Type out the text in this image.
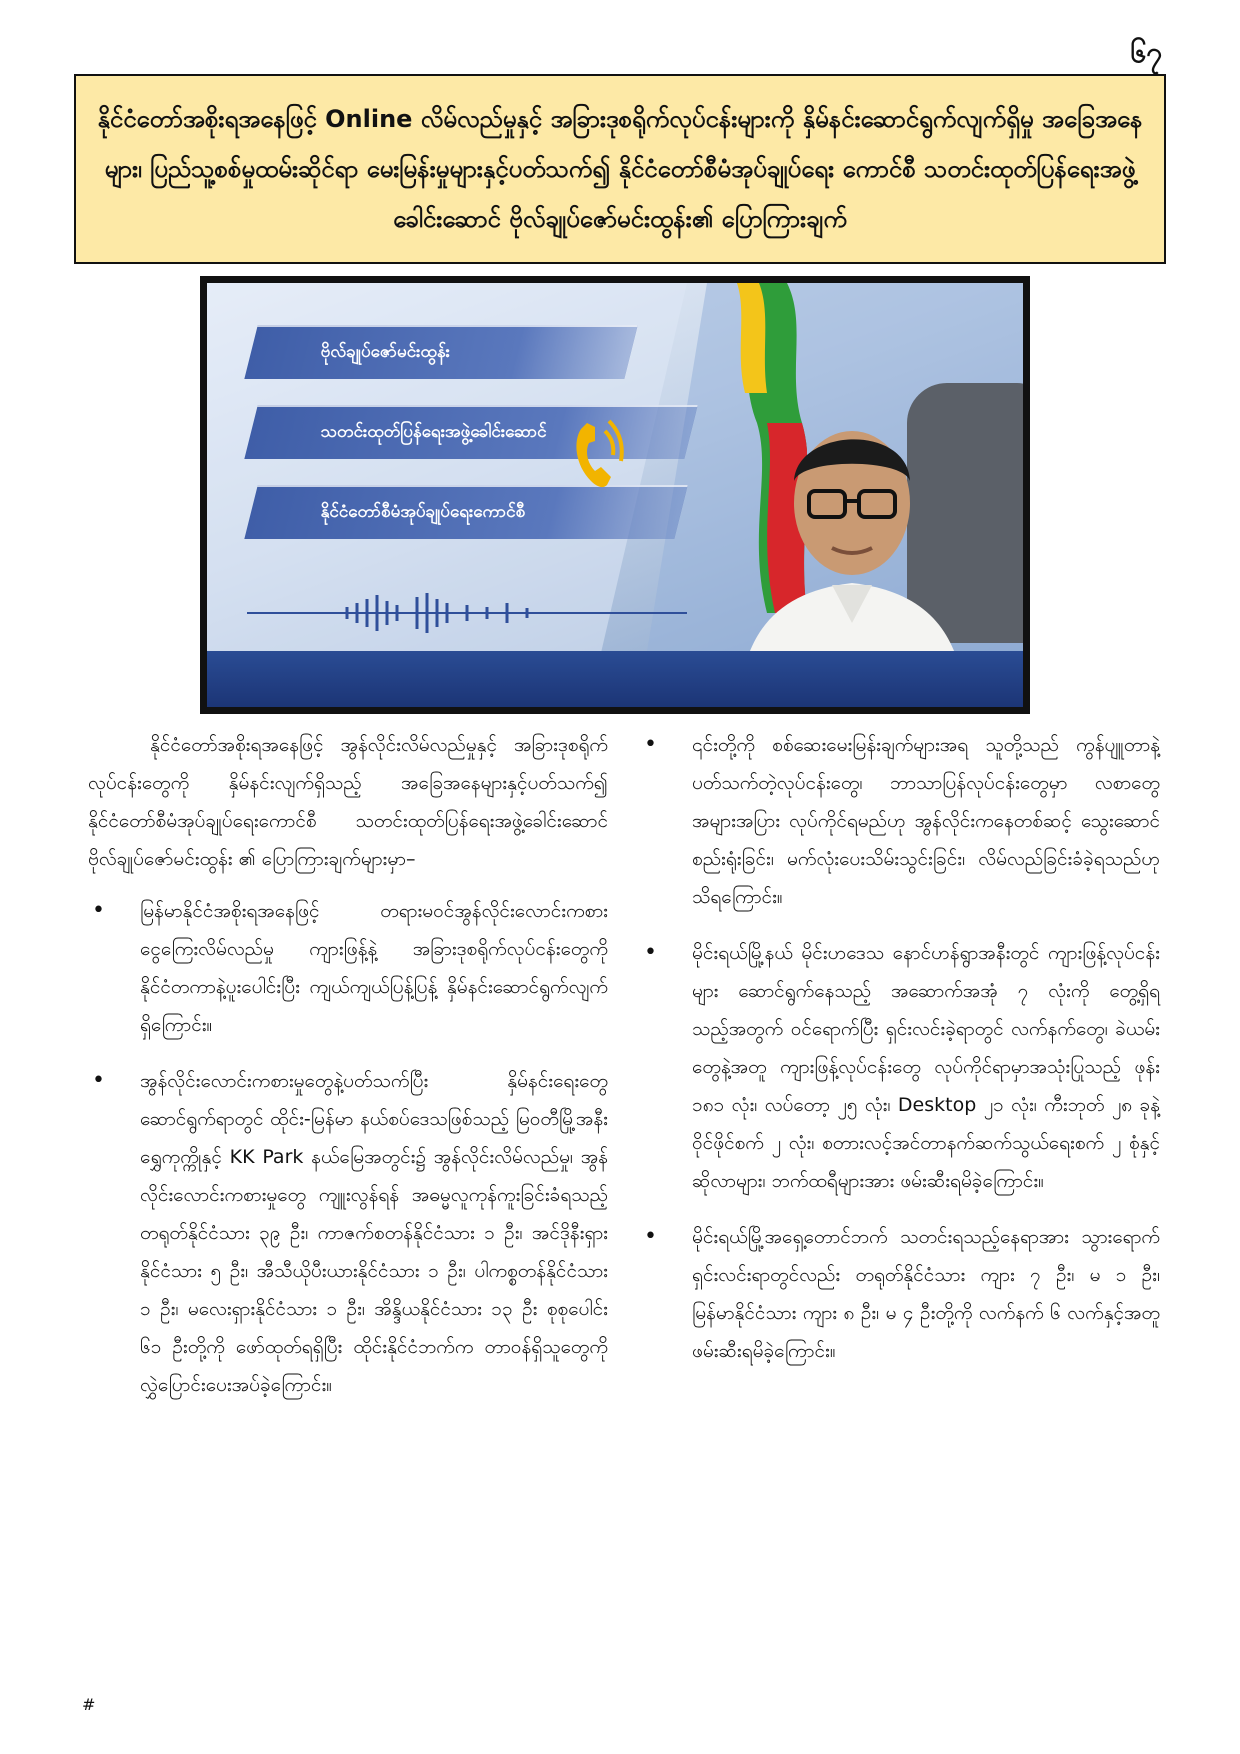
၆၇
နိုင်ငံတော်အစိုးရအနေဖြင့် Online လိမ်လည်မှုနှင့် အခြားဒုစရိုက်လုပ်ငန်းများကို နှိမ်နင်းဆောင်ရွက်လျက်ရှိမှု အခြေအနေများ၊ ပြည်သူ့စစ်မှုထမ်းဆိုင်ရာ မေးမြန်းမှုများနှင့်ပတ်သက်၍ နိုင်ငံတော်စီမံအုပ်ချုပ်ရေး ကောင်စီ သတင်းထုတ်ပြန်ရေးအဖွဲ့ခေါင်းဆောင် ဗိုလ်ချုပ်ဇော်မင်းထွန်း၏ ပြောကြားချက်
ဗိုလ်ချုပ်ဇော်မင်းထွန်း
သတင်းထုတ်ပြန်ရေးအဖွဲ့ခေါင်းဆောင်
နိုင်ငံတော်စီမံအုပ်ချုပ်ရေးကောင်စီ

နိုင်ငံတော်အစိုးရအနေဖြင့် အွန်လိုင်းလိမ်လည်မှုနှင့် အခြားဒုစရိုက်လုပ်ငန်းတွေကို နှိမ်နင်းလျက်ရှိသည့် အခြေအနေများနှင့်ပတ်သက်၍ နိုင်ငံတော်စီမံအုပ်ချုပ်ရေးကောင်စီ သတင်းထုတ်ပြန်ရေးအဖွဲ့ခေါင်းဆောင် ဗိုလ်ချုပ်ဇော်မင်းထွန်း ၏ ပြောကြားချက်များမှာ–

• မြန်မာနိုင်ငံအစိုးရအနေဖြင့် တရားမဝင်အွန်လိုင်းလောင်းကစား ငွေကြေးလိမ်လည်မှု ကျားဖြန့်နဲ့ အခြားဒုစရိုက်လုပ်ငန်းတွေကို နိုင်ငံတကာနဲ့ပူးပေါင်းပြီး ကျယ်ကျယ်ပြန့်ပြန့် နှိမ်နင်းဆောင်ရွက်လျက်ရှိကြောင်း။
• အွန်လိုင်းလောင်းကစားမှုတွေနဲ့ပတ်သက်ပြီး နှိမ်နင်းရေးတွေဆောင်ရွက်ရာတွင် ထိုင်း-မြန်မာ နယ်စပ်ဒေသဖြစ်သည့် မြဝတီမြို့အနီး ရွှေကုက္ကိုနှင့် KK Park နယ်မြေအတွင်း၌ အွန်လိုင်းလိမ်လည်မှု၊ အွန်လိုင်းလောင်းကစားမှုတွေ ကျူးလွန်ရန် အဓမ္မလူကုန်ကူးခြင်းခံရသည့် တရုတ်နိုင်ငံသား ၃၉ ဦး၊ ကာဇက်စတန်နိုင်ငံသား ၁ ဦး၊ အင်ဒိုနီးရှားနိုင်ငံသား ၅ ဦး၊ အီသီယိုပီးယားနိုင်ငံသား ၁ ဦး၊ ပါကစ္စတန်နိုင်ငံသား ၁ ဦး၊ မလေးရှားနိုင်ငံသား ၁ ဦး၊ အိန္ဒိယနိုင်ငံသား ၁၃ ဦး စုစုပေါင်း ၆၁ ဦးတို့ကို ဖော်ထုတ်ရရှိပြီး ထိုင်းနိုင်ငံဘက်က တာဝန်ရှိသူတွေကို လွှဲပြောင်းပေးအပ်ခဲ့ကြောင်း။
• ၎င်းတို့ကို စစ်ဆေးမေးမြန်းချက်များအရ သူတို့သည် ကွန်ပျူတာနဲ့ပတ်သက်တဲ့လုပ်ငန်းတွေ၊ ဘာသာပြန်လုပ်ငန်းတွေမှာ လစာတွေအများအပြား လုပ်ကိုင်ရမည်ဟု အွန်လိုင်းကနေတစ်ဆင့် သွေးဆောင်စည်းရုံးခြင်း၊ မက်လုံးပေးသိမ်းသွင်းခြင်း၊ လိမ်လည်ခြင်းခံခဲ့ရသည်ဟု သိရကြောင်း။
• မိုင်းရယ်မြို့နယ် မိုင်းဟဒေသ နောင်ဟန်ရွာအနီးတွင် ကျားဖြန့်လုပ်ငန်းများ ဆောင်ရွက်နေသည့် အဆောက်အအုံ ၇ လုံးကို တွေ့ရှိရသည့်အတွက် ဝင်ရောက်ပြီး ရှင်းလင်းခဲ့ရာတွင် လက်နက်တွေ၊ ခဲယမ်းတွေနဲ့အတူ ကျားဖြန့်လုပ်ငန်းတွေ လုပ်ကိုင်ရာမှာအသုံးပြုသည့် ဖုန်း ၁၈၁ လုံး၊ လပ်တော့ ၂၅ လုံး၊ Desktop ၂၁ လုံး၊ ကီးဘုတ် ၂၈ ခုနဲ့ ဝိုင်ဖိုင်စက် ၂ လုံး၊ စတားလင့်အင်တာနက်ဆက်သွယ်ရေးစက် ၂ စုံနှင့် ဆိုလာများ၊ ဘက်ထရီများအား ဖမ်းဆီးရမိခဲ့ကြောင်း။
• မိုင်းရယ်မြို့အရှေ့တောင်ဘက် သတင်းရသည့်နေရာအား သွားရောက်ရှင်းလင်းရာတွင်လည်း တရုတ်နိုင်ငံသား ကျား ၇ ဦး၊ မ ၁ ဦး၊ မြန်မာနိုင်ငံသား ကျား ၈ ဦး၊ မ ၄ ဦးတို့ကို လက်နက် ၆ လက်နှင့်အတူ ဖမ်းဆီးရမိခဲ့ကြောင်း။
#
